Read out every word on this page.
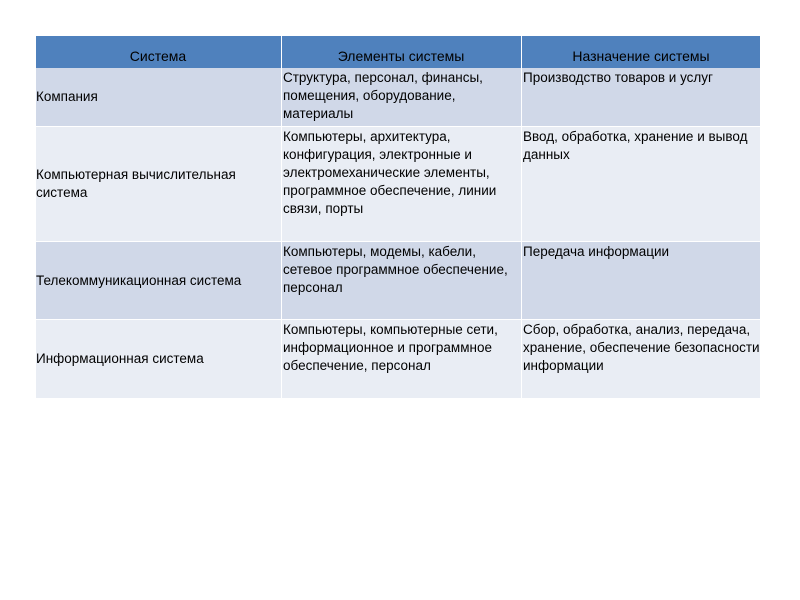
Система	Элементы системы	Назначение системы
Компания
Структура, персонал, финансы, помещения, оборудование, материалы
Производство товаров и услуг
Компьютерная вычислительная система
Компьютеры, архитектура, конфигурация, электронные и электромеханические элементы, программное обеспечение, линии связи, порты
Ввод, обработка, хранение и вывод данных
Телекоммуникационная система
Компьютеры, модемы, кабели, сетевое программное обеспечение, персонал
Передача информации
Информационная система
Компьютеры, компьютерные сети, информационное и программное обеспечение, персонал
Сбор, обработка, анализ, передача, хранение, обеспечение безопасности информации
